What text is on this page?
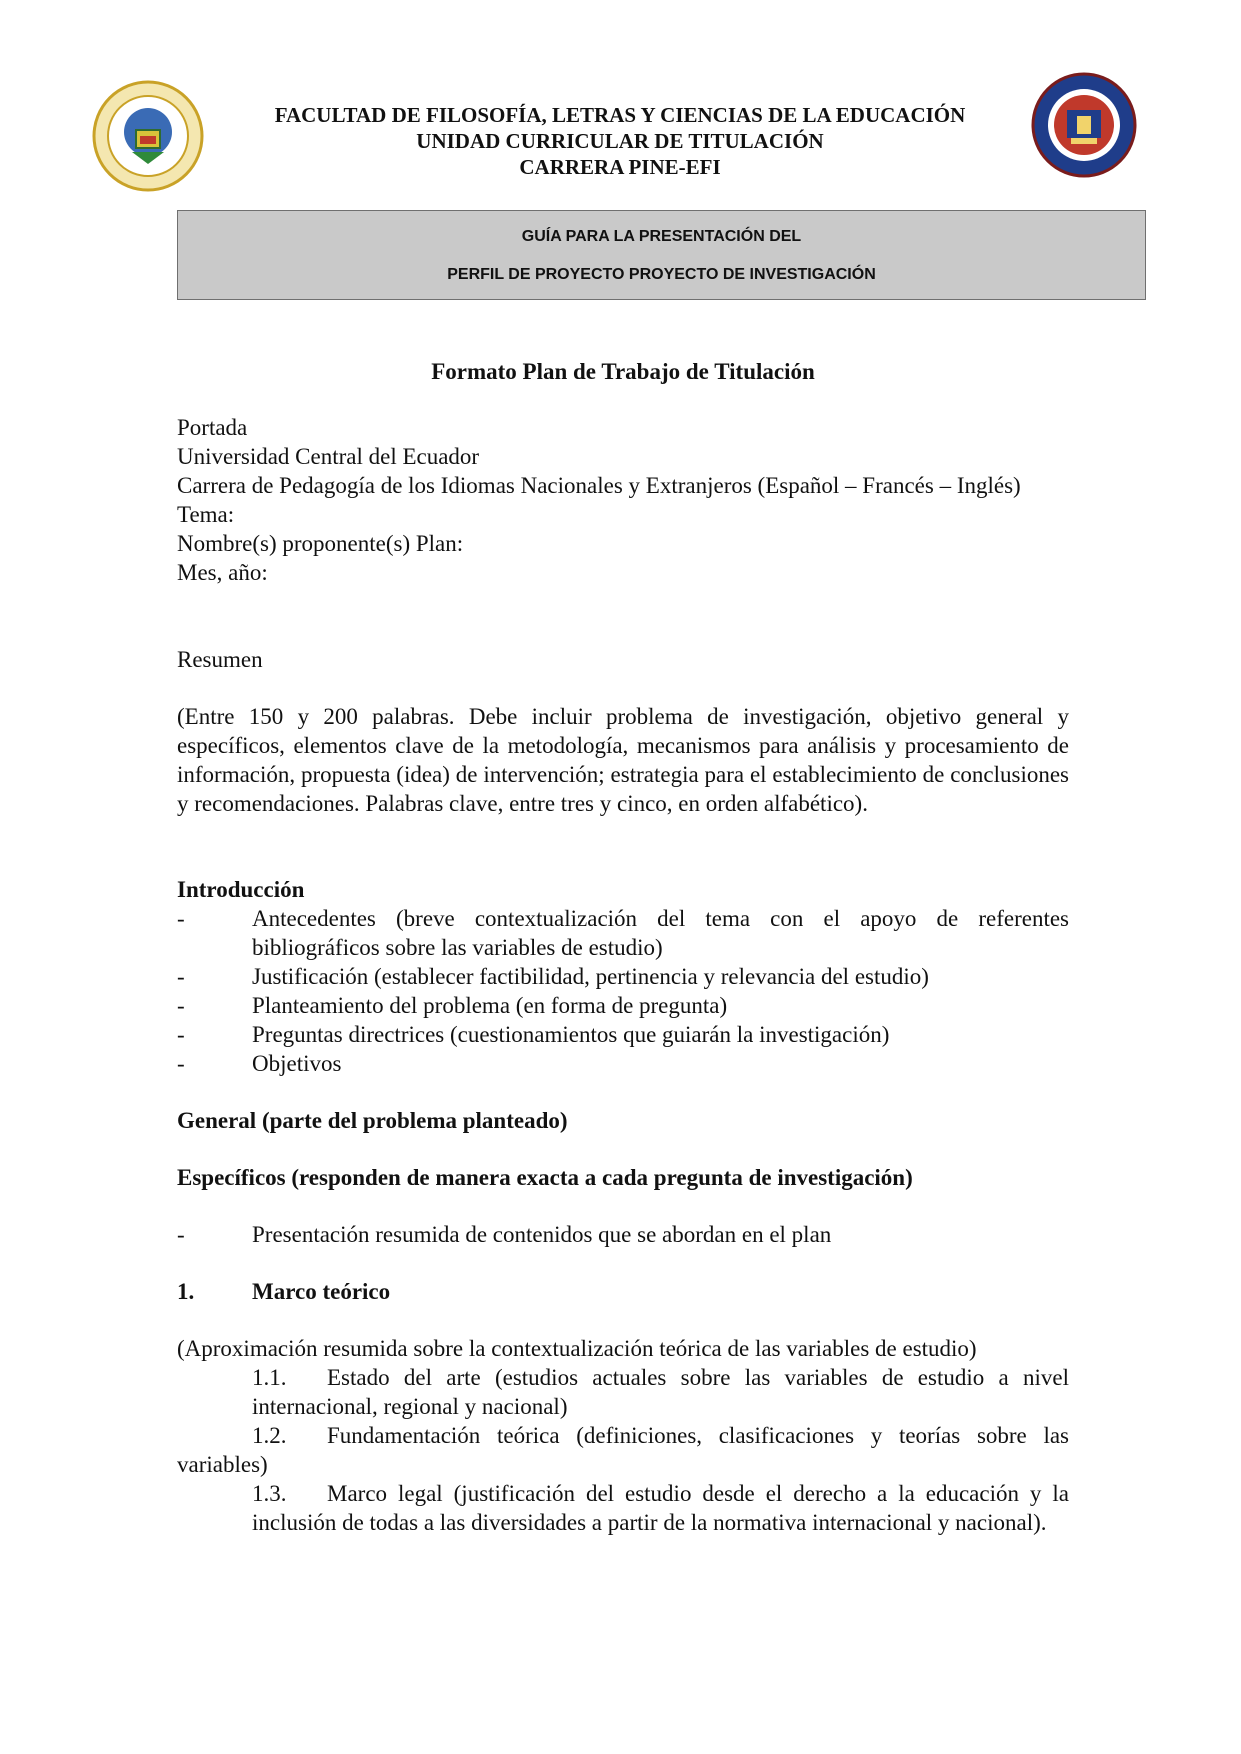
FACULTAD DE FILOSOFÍA, LETRAS Y CIENCIAS DE LA EDUCACIÓN
UNIDAD CURRICULAR DE TITULACIÓN
CARRERA PINE-EFI
GUÍA PARA LA PRESENTACIÓN DEL
PERFIL DE PROYECTO PROYECTO DE INVESTIGACIÓN
Formato Plan de Trabajo de Titulación

Portada

Universidad Central del Ecuador

Carrera de Pedagogía de los Idiomas Nacionales y Extranjeros (Español – Francés – Inglés)

Tema:

Nombre(s) proponente(s) Plan:

Mes, año:

Resumen
(Entre 150 y 200 palabras. Debe incluir problema de investigación, objetivo general y específicos, elementos clave de la metodología, mecanismos para análisis y procesamiento de información, propuesta (idea) de intervención; estrategia para el establecimiento de conclusiones y recomendaciones. Palabras clave, entre tres y cinco, en orden alfabético).

Introducción

-	Antecedentes (breve contextualización del tema con el apoyo de referentes bibliográficos sobre las variables de estudio)
-	Justificación (establecer factibilidad, pertinencia y relevancia del estudio)
-	Planteamiento del problema (en forma de pregunta)
-	Preguntas directrices (cuestionamientos que guiarán la investigación)
-	Objetivos
General (parte del problema planteado)
Específicos (responden de manera exacta a cada pregunta de investigación)
-	Presentación resumida de contenidos que se abordan en el plan
1.	Marco teórico

(Aproximación resumida sobre la contextualización teórica de las variables de estudio)

1.1. Estado del arte (estudios actuales sobre las variables de estudio a nivel internacional, regional y nacional)
1.2. Fundamentación teórica (definiciones, clasificaciones y teorías sobre las variables)
1.3. Marco legal (justificación del estudio desde el derecho a la educación y la inclusión de todas a las diversidades a partir de la normativa internacional y nacional).
